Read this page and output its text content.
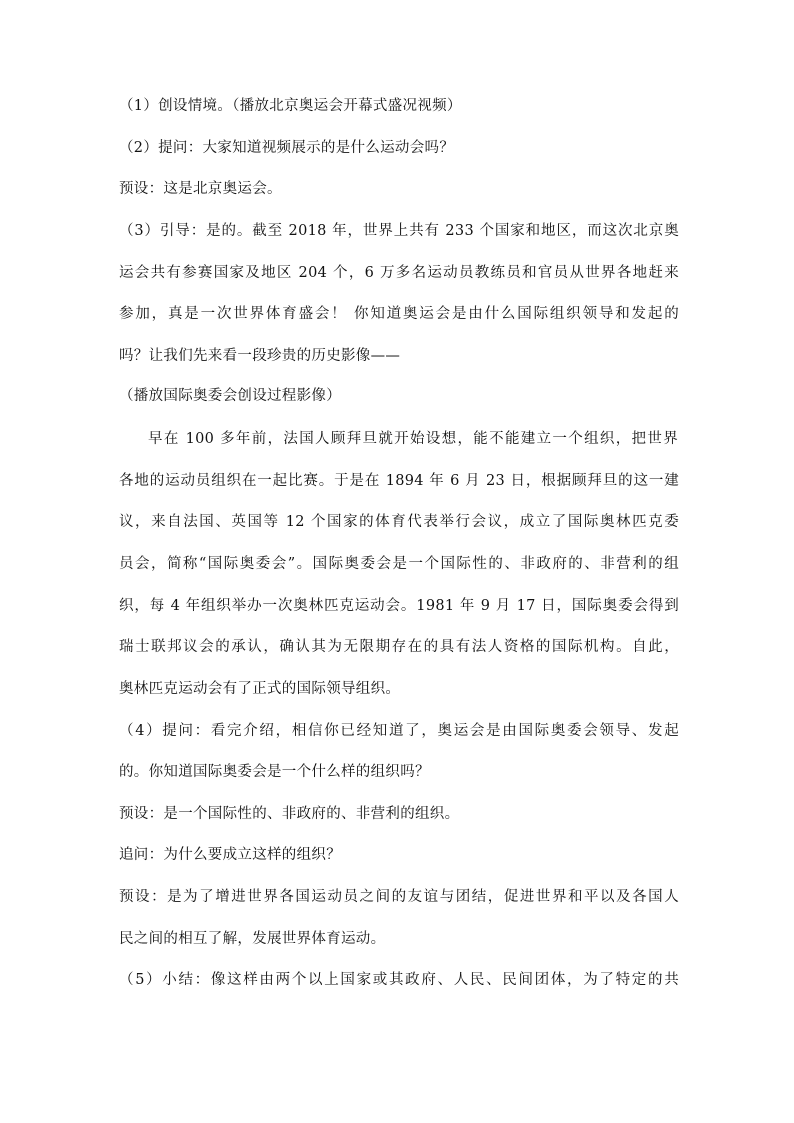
（1）创设情境。（播放北京奥运会开幕式盛况视频）
（2）提问：大家知道视频展示的是什么运动会吗？
预设：这是北京奥运会。
（3）引导：是的。截至 2018 年，世界上共有 233 个国家和地区，而这次北京奥
运会共有参赛国家及地区 204 个，6 万多名运动员教练员和官员从世界各地赶来
参加，真是一次世界体育盛会！ 你知道奥运会是由什么国际组织领导和发起的
吗？让我们先来看一段珍贵的历史影像——
（播放国际奥委会创设过程影像）
早在 100 多年前，法国人顾拜旦就开始设想，能不能建立一个组织，把世界
各地的运动员组织在一起比赛。于是在 1894 年 6 月 23 日，根据顾拜旦的这一建
议，来自法国、英国等 12 个国家的体育代表举行会议，成立了国际奥林匹克委
员会，简称“国际奥委会”。国际奥委会是一个国际性的、非政府的、非营利的组
织，每 4 年组织举办一次奥林匹克运动会。1981 年 9 月 17 日，国际奥委会得到
瑞士联邦议会的承认，确认其为无限期存在的具有法人资格的国际机构。自此，
奥林匹克运动会有了正式的国际领导组织。
（4）提问：看完介绍，相信你已经知道了，奥运会是由国际奥委会领导、发起
的。你知道国际奥委会是一个什么样的组织吗？
预设：是一个国际性的、非政府的、非营利的组织。
追问：为什么要成立这样的组织？
预设：是为了增进世界各国运动员之间的友谊与团结，促进世界和平以及各国人
民之间的相互了解，发展世界体育运动。
（5）小结：像这样由两个以上国家或其政府、人民、民间团体，为了特定的共
